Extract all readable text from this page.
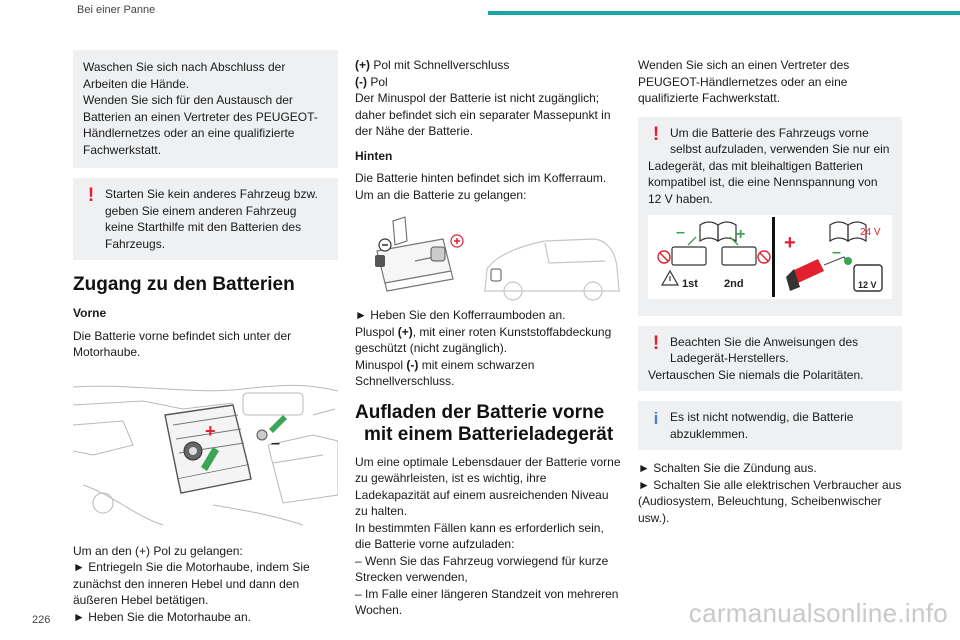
Bei einer Panne

Waschen Sie sich nach Abschluss der Arbeiten die Hände.

Wenden Sie sich für den Austausch der Batterien an einen Vertreter des PEUGEOT-Händlernetzes oder an eine qualifizierte Fachwerkstatt.

! Starten Sie kein anderes Fahrzeug bzw.
geben Sie einem anderen Fahrzeug keine Starthilfe mit den Batterien des Fahrzeugs.
Zugang zu den Batterien
Vorne

Die Batterie vorne befindet sich unter der Motorhaube.

+
–

Um an den (+) Pol zu gelangen:

► Entriegeln Sie die Motorhaube, indem Sie zunächst den inneren Hebel und dann den äußeren Hebel betätigen.

► Heben Sie die Motorhaube an.

(+) Pol mit Schnellverschluss

(-) Pol

Der Minuspol der Batterie ist nicht zugänglich; daher befindet sich ein separater Massepunkt in der Nähe der Batterie.

Hinten

Die Batterie hinten befindet sich im Kofferraum.

Um an die Batterie zu gelangen:

► Heben Sie den Kofferraumboden an.

Pluspol (+), mit einer roten Kunststoffabdeckung geschützt (nicht zugänglich).

Minuspol (-) mit einem schwarzen Schnellverschluss.

Aufladen der Batterie vorne
mit einem Batterieladegerät

Um eine optimale Lebensdauer der Batterie vorne zu gewährleisten, ist es wichtig, ihre Ladekapazität auf einem ausreichenden Niveau zu halten.

In bestimmten Fällen kann es erforderlich sein, die Batterie vorne aufzuladen:

– Wenn Sie das Fahrzeug vorwiegend für kurze Strecken verwenden,

– Im Falle einer längeren Standzeit von mehreren Wochen.

Wenden Sie sich an einen Vertreter des PEUGEOT-Händlernetzes oder an eine qualifizierte Fachwerkstatt.

! Um die Batterie des Fahrzeugs vorne selbst aufzuladen, verwenden Sie nur ein
Ladegerät, das mit bleihaltigen Batterien kompatibel ist, die eine Nennspannung von 12 V haben.
–	+
1st 2nd
+ –
24 V
12 V
! Beachten Sie die Anweisungen des
Ladegerät-Herstellers.
Vertauschen Sie niemals die Polaritäten.
i Es ist nicht notwendig, die Batterie
abzuklemmen.

► Schalten Sie die Zündung aus.

► Schalten Sie alle elektrischen Verbraucher aus (Audiosystem, Beleuchtung, Scheibenwischer usw.).

226	carmanualsonline.info
